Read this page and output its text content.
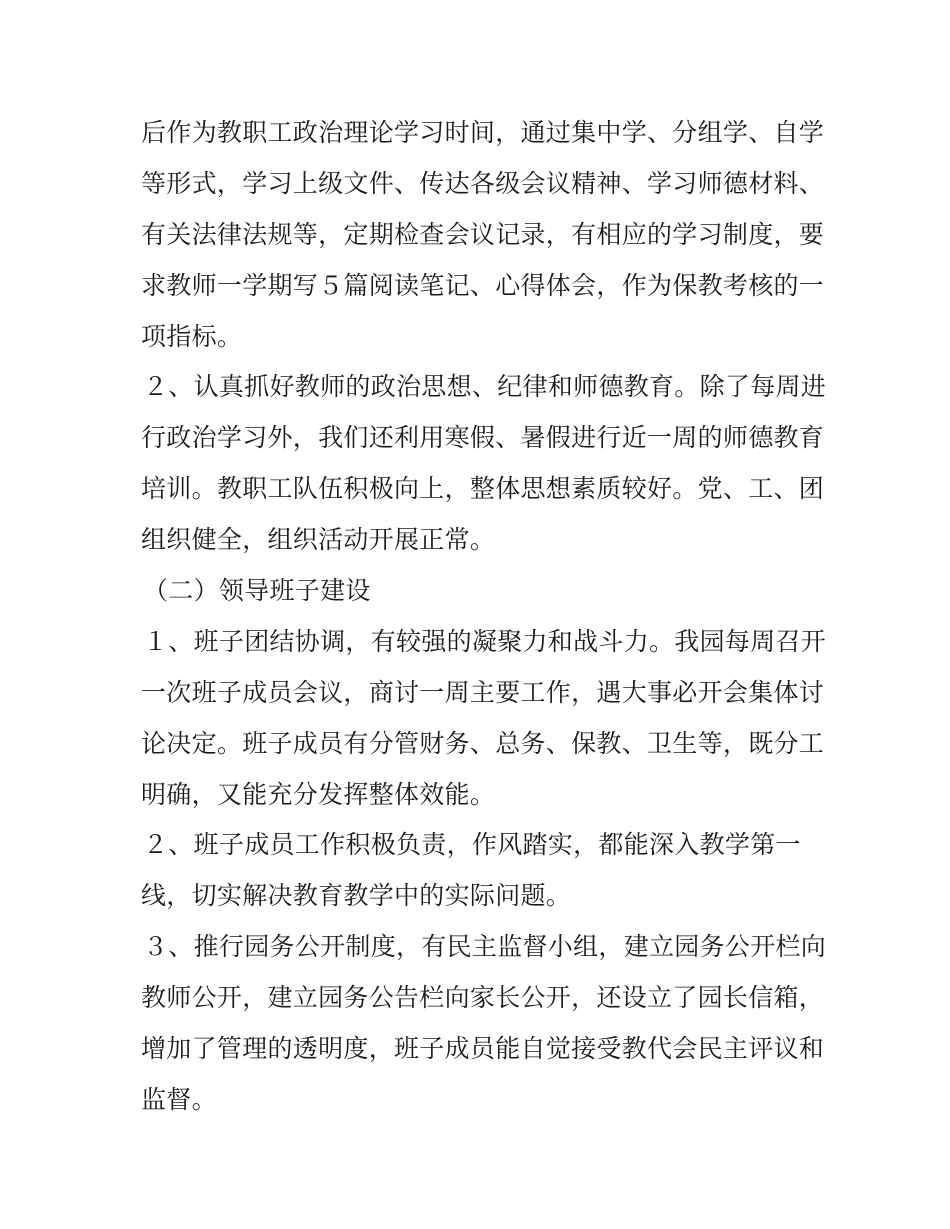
后作为教职工政治理论学习时间，通过集中学、分组学、自学
等形式，学习上级文件、传达各级会议精神、学习师德材料、
有关法律法规等，定期检查会议记录，有相应的学习制度，要
求教师一学期写５篇阅读笔记、心得体会，作为保教考核的一
项指标。
２、认真抓好教师的政治思想、纪律和师德教育。除了每周进
行政治学习外，我们还利用寒假、暑假进行近一周的师德教育
培训。教职工队伍积极向上，整体思想素质较好。党、工、团
组织健全，组织活动开展正常。
（二）领导班子建设
１、班子团结协调，有较强的凝聚力和战斗力。我园每周召开
一次班子成员会议，商讨一周主要工作，遇大事必开会集体讨
论决定。班子成员有分管财务、总务、保教、卫生等，既分工
明确，又能充分发挥整体效能。
２、班子成员工作积极负责，作风踏实，都能深入教学第一
线，切实解决教育教学中的实际问题。
３、推行园务公开制度，有民主监督小组，建立园务公开栏向
教师公开，建立园务公告栏向家长公开，还设立了园长信箱，
增加了管理的透明度，班子成员能自觉接受教代会民主评议和
监督。
